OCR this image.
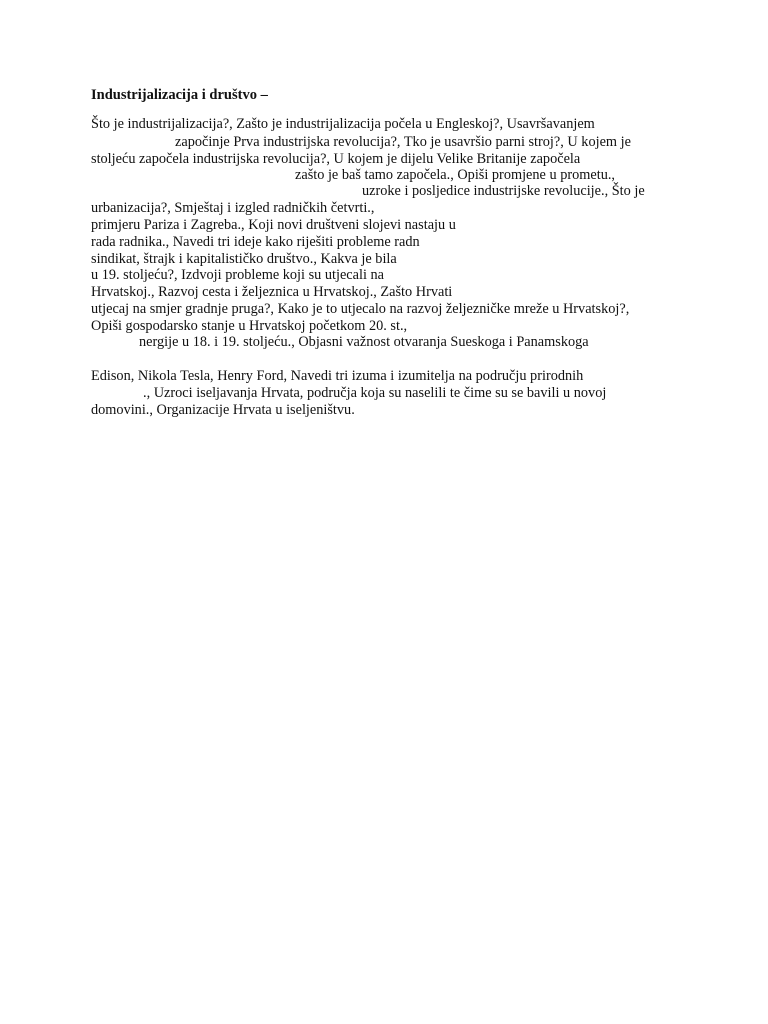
Industrijalizacija i društvo –
Što je industrijalizacija?, Zašto je industrijalizacija počela u Engleskoj?, Usavršavanjem
započinje Prva industrijska revolucija?, Tko je usavršio parni stroj?, U kojem je
stoljeću započela industrijska revolucija?, U kojem je dijelu Velike Britanije započela
zašto je baš tamo započela., Opiši promjene u prometu.,
uzroke i posljedice industrijske revolucije., Što je
urbanizacija?, Smještaj i izgled radničkih četvrti.,
primjeru Pariza i Zagreba., Koji novi društveni slojevi nastaju u
rada radnika., Navedi tri ideje kako riješiti probleme radn
sindikat, štrajk i kapitalističko društvo., Kakva je bila
u 19. stoljeću?, Izdvoji probleme koji su utjecali na
Hrvatskoj., Razvoj cesta i željeznica u Hrvatskoj., Zašto Hrvati
utjecaj na smjer gradnje pruga?, Kako je to utjecalo na razvoj željezničke mreže u Hrvatskoj?,
Opiši gospodarsko stanje u Hrvatskoj početkom 20. st.,
nergije u 18. i 19. stoljeću., Objasni važnost otvaranja Sueskoga i Panamskoga
Edison, Nikola Tesla, Henry Ford, Navedi tri izuma i izumitelja na području prirodnih
., Uzroci iseljavanja Hrvata, područja koja su naselili te čime su se bavili u novoj
domovini., Organizacije Hrvata u iseljeništvu.
